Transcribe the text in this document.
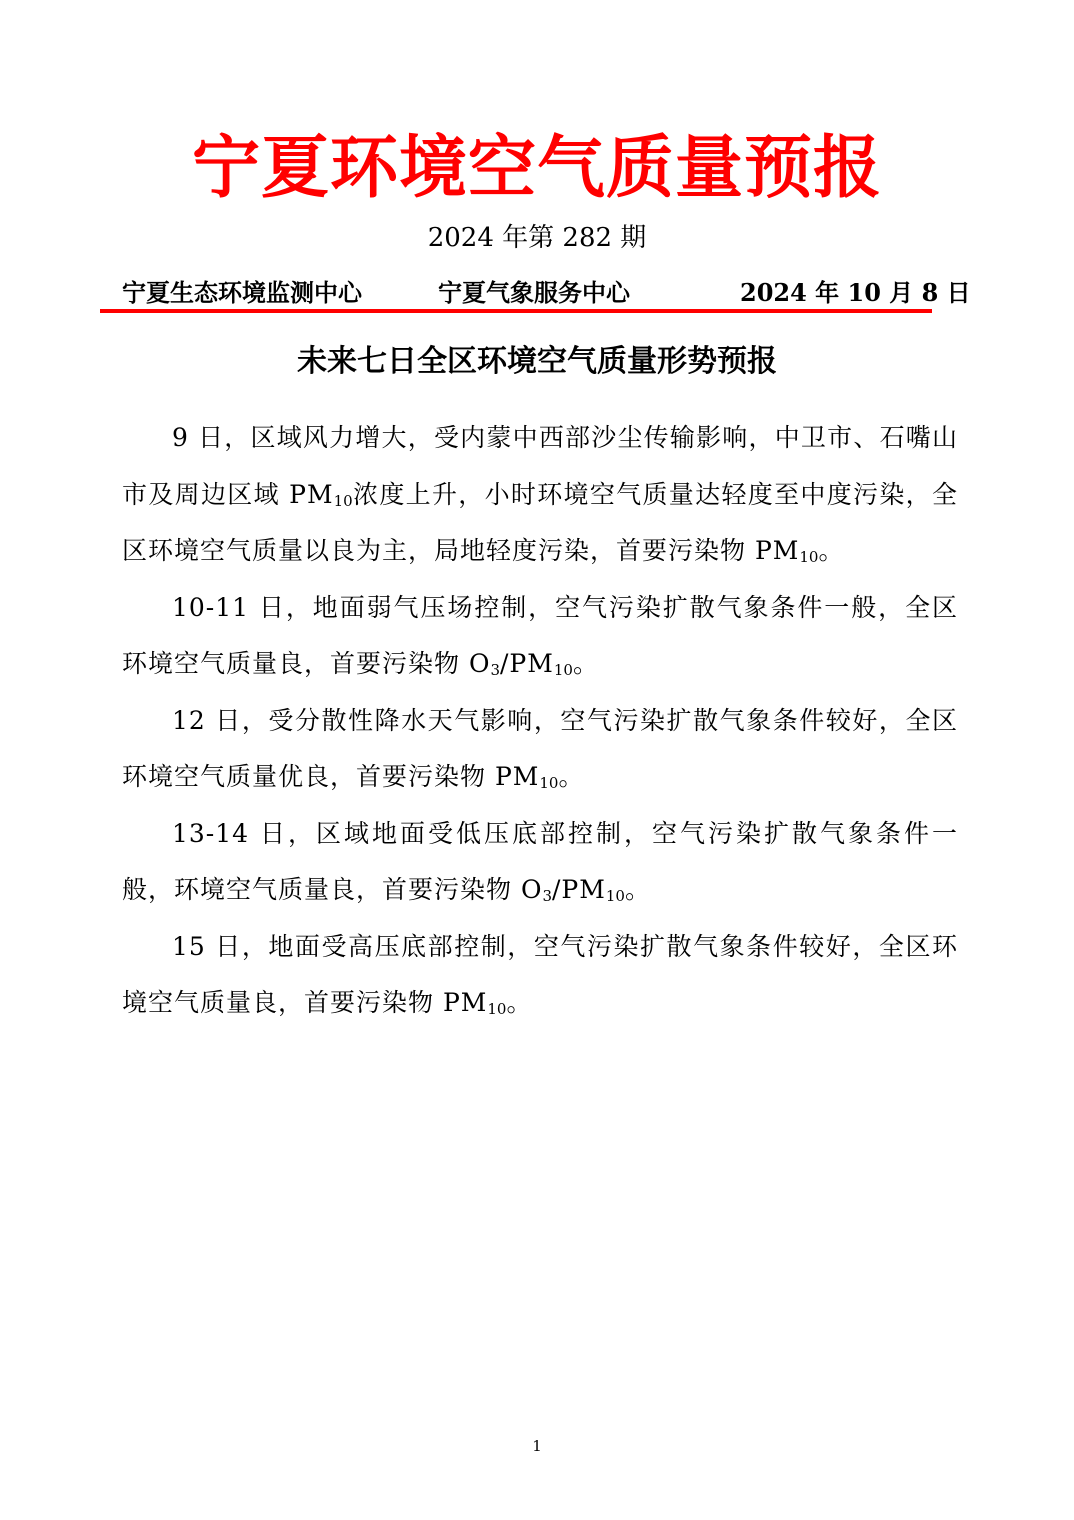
宁夏环境空气质量预报
2024 年第 282 期
宁夏生态环境监测中心	宁夏气象服务中心	2024 年 10 月 8 日
未来七日全区环境空气质量形势预报

9 日，区域风力增大，受内蒙中西部沙尘传输影响，中卫市、石嘴山市及周边区域 $PM_{10}$浓度上升，小时环境空气质量达轻度至中度污染，全区环境空气质量以良为主，局地轻度污染，首要污染物 $PM_{10}$。

10-11 日，地面弱气压场控制，空气污染扩散气象条件一般，全区环境空气质量良，首要污染物 $O_3/PM_{10}$。

12 日，受分散性降水天气影响，空气污染扩散气象条件较好，全区环境空气质量优良，首要污染物 $PM_{10}$。

13-14 日，区域地面受低压底部控制，空气污染扩散气象条件一般，环境空气质量良，首要污染物 $O_3/PM_{10}$。

15 日，地面受高压底部控制，空气污染扩散气象条件较好，全区环境空气质量良，首要污染物 $PM_{10}$。

1
